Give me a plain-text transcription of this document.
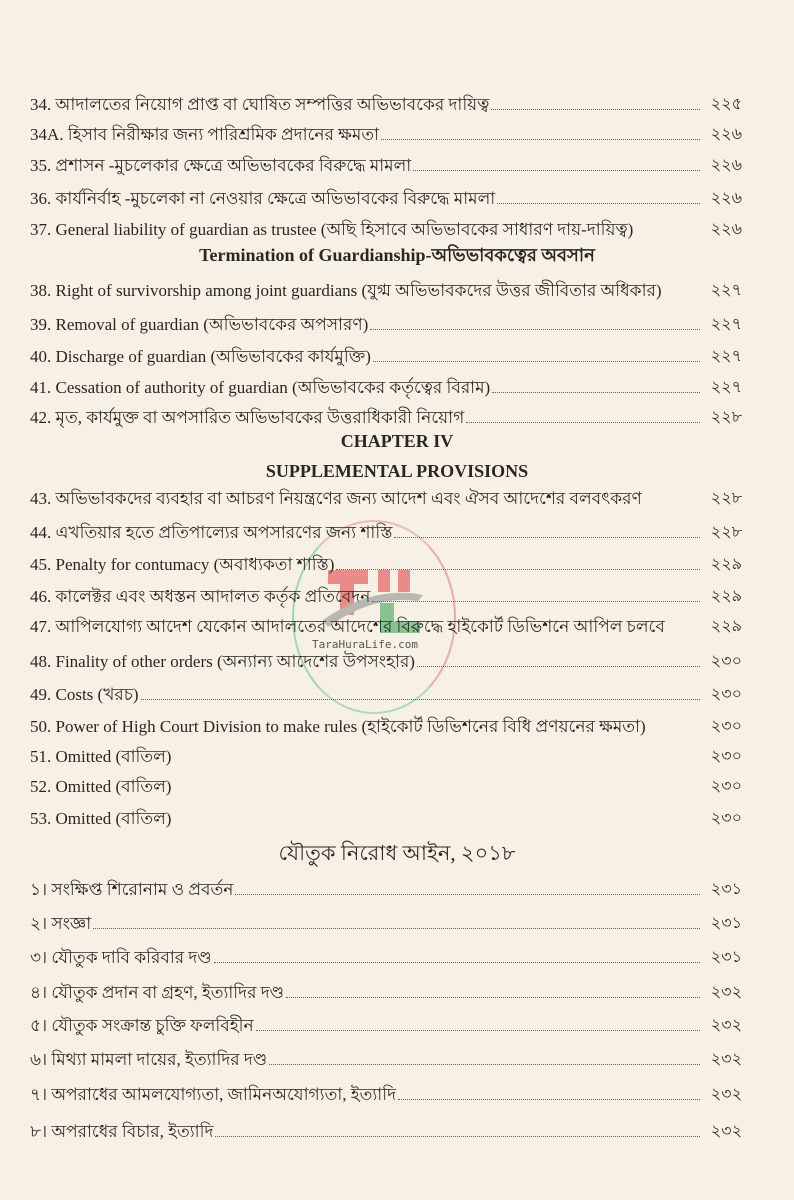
Termination of Guardianship-অভিভাবকত্বের অবসান
CHAPTER IV
SUPPLEMENTAL PROVISIONS
যৌতুক নিরোধ আইন, ২০১৮
TaraHuraLife.com
34. আদালতের নিয়োগ প্রাপ্ত বা ঘোষিত সম্পত্তির অভিভাবকের দায়িত্ব	২২৫
34A. হিসাব নিরীক্ষার জন্য পারিশ্রমিক প্রদানের ক্ষমতা	২২৬
35. প্রশাসন -মুচলেকার ক্ষেত্রে অভিভাবকের বিরুদ্ধে মামলা	২২৬
36. কার্যনির্বাহ -মুচলেকা না নেওয়ার ক্ষেত্রে অভিভাবকের বিরুদ্ধে মামলা	২২৬
37. General liability of guardian as trustee (অছি হিসাবে অভিভাবকের সাধারণ দায়-দায়িত্ব)	২২৬
38. Right of survivorship among joint guardians (যুগ্ম অভিভাবকদের উত্তর জীবিতার অধিকার)	২২৭
39. Removal of guardian (অভিভাবকের অপসারণ)	২২৭
40. Discharge of guardian (অভিভাবকের কার্যমুক্তি)	২২৭
41. Cessation of authority of guardian (অভিভাবকের কর্তৃত্বের বিরাম)	২২৭
42. মৃত, কার্যমুক্ত বা অপসারিত অভিভাবকের উত্তরাধিকারী নিয়োগ	২২৮
43. অভিভাবকদের ব্যবহার বা আচরণ নিয়ন্ত্রণের জন্য আদেশ এবং ঐসব আদেশের বলবৎকরণ	২২৮
44. এখতিয়ার হতে প্রতিপাল্যের অপসারণের জন্য শাস্তি	২২৮
45. Penalty for contumacy (অবাধ্যকতা শাস্তি)	২২৯
46. কালেক্টর এবং অধস্তন আদালত কর্তৃক প্রতিবেদন	২২৯
47. আপিলযোগ্য আদেশ যেকোন আদালতের আদেশের বিরুদ্ধে হাইকোর্ট ডিভিশনে আপিল চলবে	২২৯
48. Finality of other orders (অন্যান্য আদেশের উপসংহার)	২৩০
49. Costs (খরচ)	২৩০
50. Power of High Court Division to make rules (হাইকোর্ট ডিভিশনের বিধি প্রণয়নের ক্ষমতা)	২৩০
51. Omitted (বাতিল)	২৩০
52. Omitted (বাতিল)	২৩০
53. Omitted (বাতিল)	২৩০
১। সংক্ষিপ্ত শিরোনাম ও প্রবর্তন	২৩১
২। সংজ্ঞা	২৩১
৩। যৌতুক দাবি করিবার দণ্ড	২৩১
৪। যৌতুক প্রদান বা গ্রহণ, ইত্যাদির দণ্ড	২৩২
৫। যৌতুক সংক্রান্ত চুক্তি ফলবিহীন	২৩২
৬। মিথ্যা মামলা দায়ের, ইত্যাদির দণ্ড	২৩২
৭। অপরাধের আমলযোগ্যতা, জামিনঅযোগ্যতা, ইত্যাদি	২৩২
৮। অপরাধের বিচার, ইত্যাদি	২৩২
